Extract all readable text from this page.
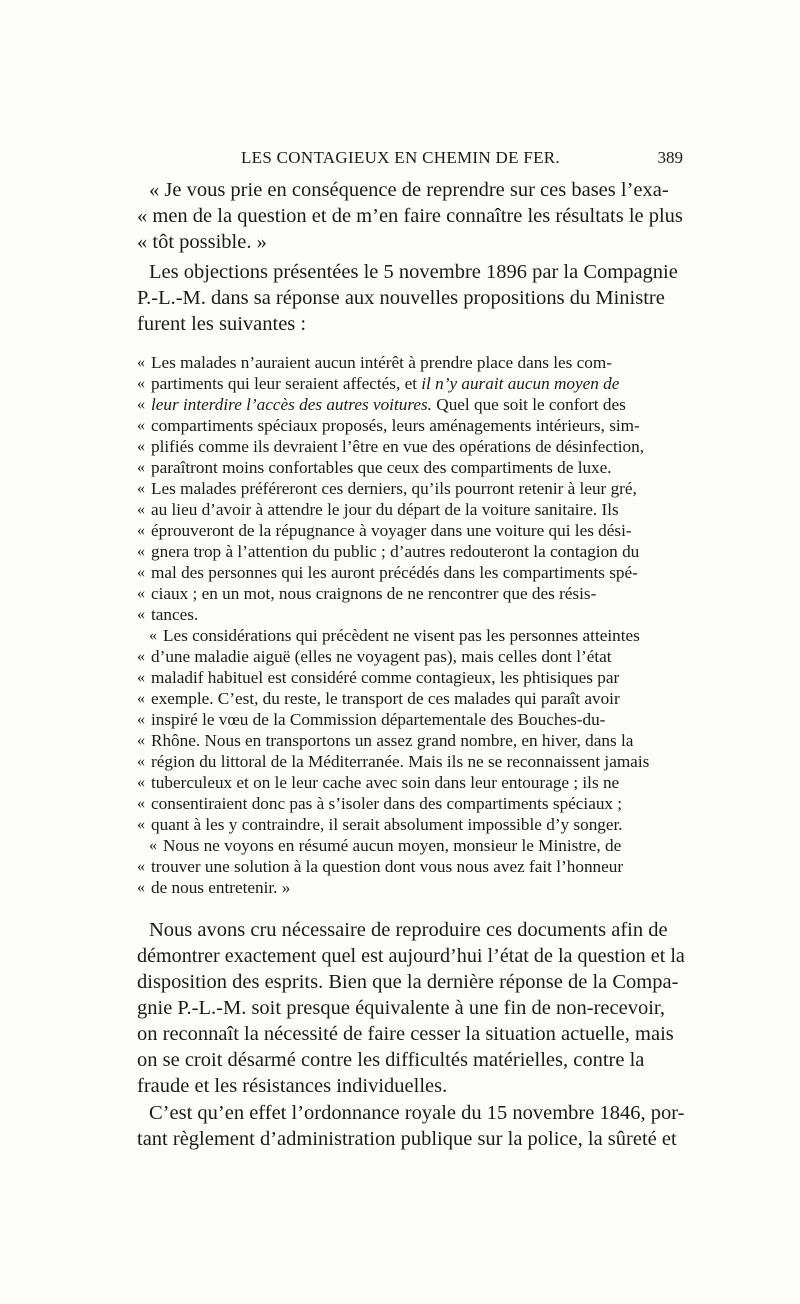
LES CONTAGIEUX EN CHEMIN DE FER.	389
« Je vous prie en conséquence de reprendre sur ces bases l’exa-
« men de la question et de m’en faire connaître les résultats le plus
« tôt possible. »
Les objections présentées le 5 novembre 1896 par la Compagnie
P.-L.-M. dans sa réponse aux nouvelles propositions du Ministre
furent les suivantes :
« Les malades n’auraient aucun intérêt à prendre place dans les com-
« partiments qui leur seraient affectés, et il n’y aurait aucun moyen de
« leur interdire l’accès des autres voitures. Quel que soit le confort des
« compartiments spéciaux proposés, leurs aménagements intérieurs, sim-
« plifiés comme ils devraient l’être en vue des opérations de désinfection,
« paraîtront moins confortables que ceux des compartiments de luxe.
« Les malades préféreront ces derniers, qu’ils pourront retenir à leur gré,
« au lieu d’avoir à attendre le jour du départ de la voiture sanitaire. Ils
« éprouveront de la répugnance à voyager dans une voiture qui les dési-
« gnera trop à l’attention du public ; d’autres redouteront la contagion du
« mal des personnes qui les auront précédés dans les compartiments spé-
« ciaux ; en un mot, nous craignons de ne rencontrer que des résis-
« tances.
« Les considérations qui précèdent ne visent pas les personnes atteintes
« d’une maladie aiguë (elles ne voyagent pas), mais celles dont l’état
« maladif habituel est considéré comme contagieux, les phtisiques par
« exemple. C’est, du reste, le transport de ces malades qui paraît avoir
« inspiré le vœu de la Commission départementale des Bouches-du-
« Rhône. Nous en transportons un assez grand nombre, en hiver, dans la
« région du littoral de la Méditerranée. Mais ils ne se reconnaissent jamais
« tuberculeux et on le leur cache avec soin dans leur entourage ; ils ne
« consentiraient donc pas à s’isoler dans des compartiments spéciaux ;
« quant à les y contraindre, il serait absolument impossible d’y songer.
« Nous ne voyons en résumé aucun moyen, monsieur le Ministre, de
« trouver une solution à la question dont vous nous avez fait l’honneur
« de nous entretenir. »
Nous avons cru nécessaire de reproduire ces documents afin de
démontrer exactement quel est aujourd’hui l’état de la question et la
disposition des esprits. Bien que la dernière réponse de la Compa-
gnie P.-L.-M. soit presque équivalente à une fin de non-recevoir,
on reconnaît la nécessité de faire cesser la situation actuelle, mais
on se croit désarmé contre les difficultés matérielles, contre la
fraude et les résistances individuelles.
C’est qu’en effet l’ordonnance royale du 15 novembre 1846, por-
tant règlement d’administration publique sur la police, la sûreté et
